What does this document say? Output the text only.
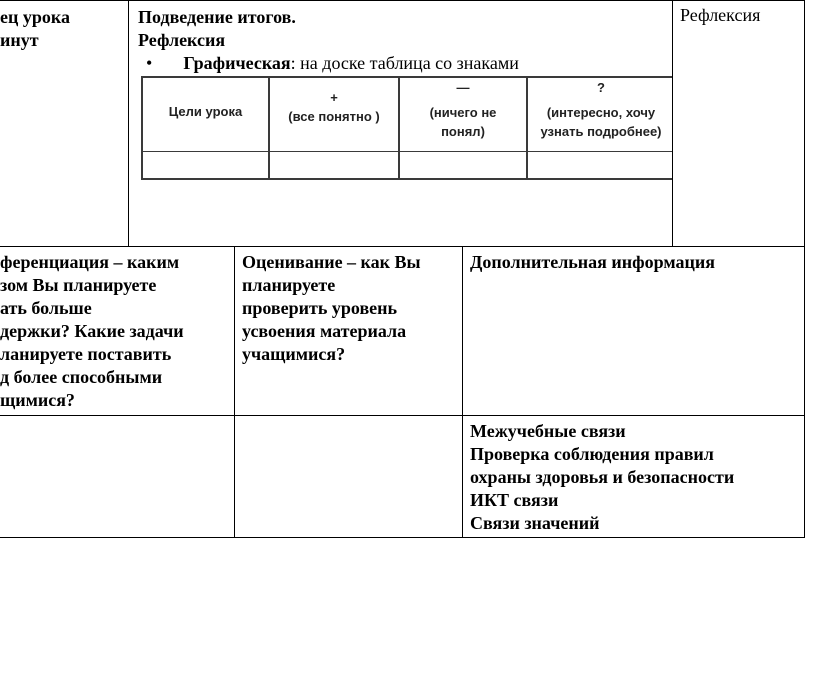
ец урока
инут
Подведение итогов.
Рефлексия
• Графическая: на доске таблица со знаками
Цели урока
+
(все понятно )
—
(ничего не
понял)
?
(интересно, хочу
узнать подробнее)
Рефлексия
ференциация – каким
зом Вы планируете
ать больше
держки? Какие задачи
ланируете поставить
д более способными
щимися?
Оценивание – как Вы
планируете
проверить уровень
усвоения материала
учащимися?
Дополнительная информация
Межучебные связи
Проверка соблюдения правил
охраны здоровья и безопасности
ИКТ связи
Связи значений
